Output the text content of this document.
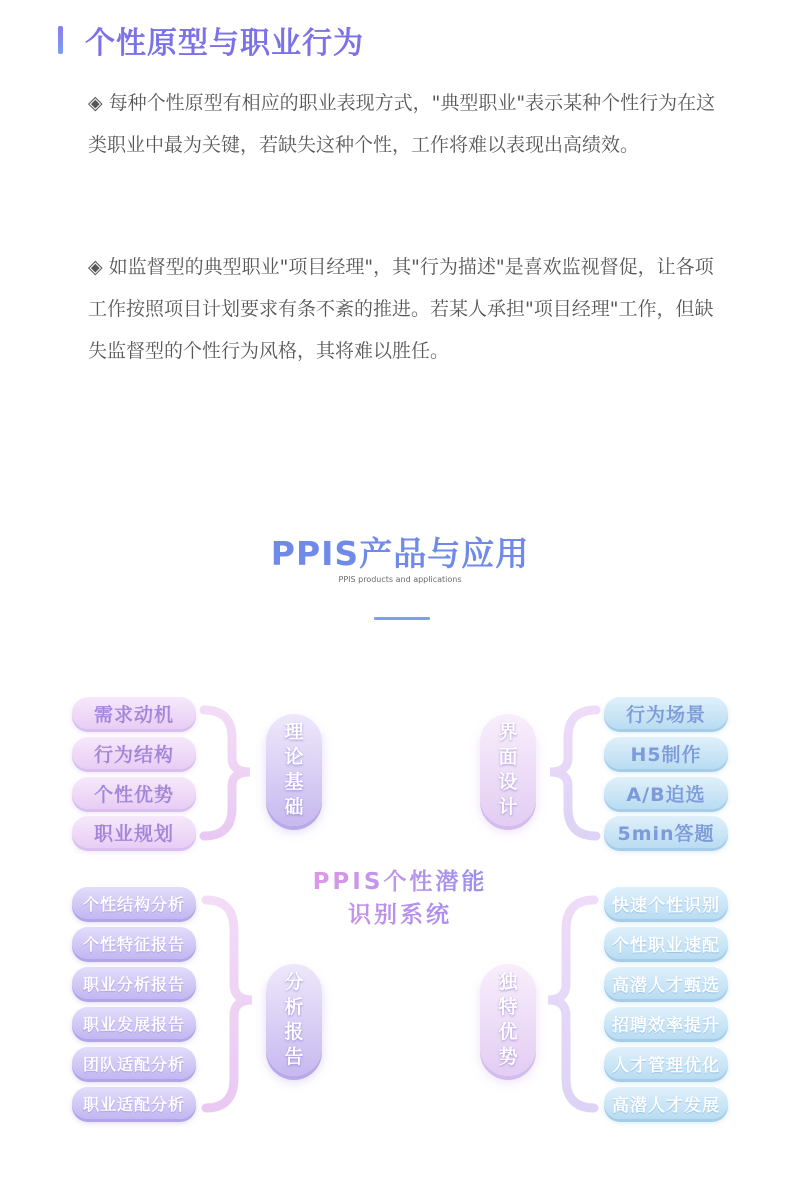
个性原型与职业行为
◈ 每种个性原型有相应的职业表现方式，"典型职业"表示某种个性行为在这类职业中最为关键，若缺失这种个性，工作将难以表现出高绩效。
◈ 如监督型的典型职业"项目经理"，其"行为描述"是喜欢监视督促，让各项工作按照项目计划要求有条不紊的推进。若某人承担"项目经理"工作，但缺失监督型的个性行为风格，其将难以胜任。
PPIS产品与应用
PPIS products and applications
需求动机
行为结构
个性优势
职业规划
理
论
基
础
界
面
设
计
行为场景
H5制作
A/B迫选
5min答题
PPIS个性潜能
识别系统
个性结构分析
个性特征报告
职业分析报告
职业发展报告
团队适配分析
职业适配分析
分
析
报
告
独
特
优
势
快速个性识别
个性职业速配
高潜人才甄选
招聘效率提升
人才管理优化
高潜人才发展
